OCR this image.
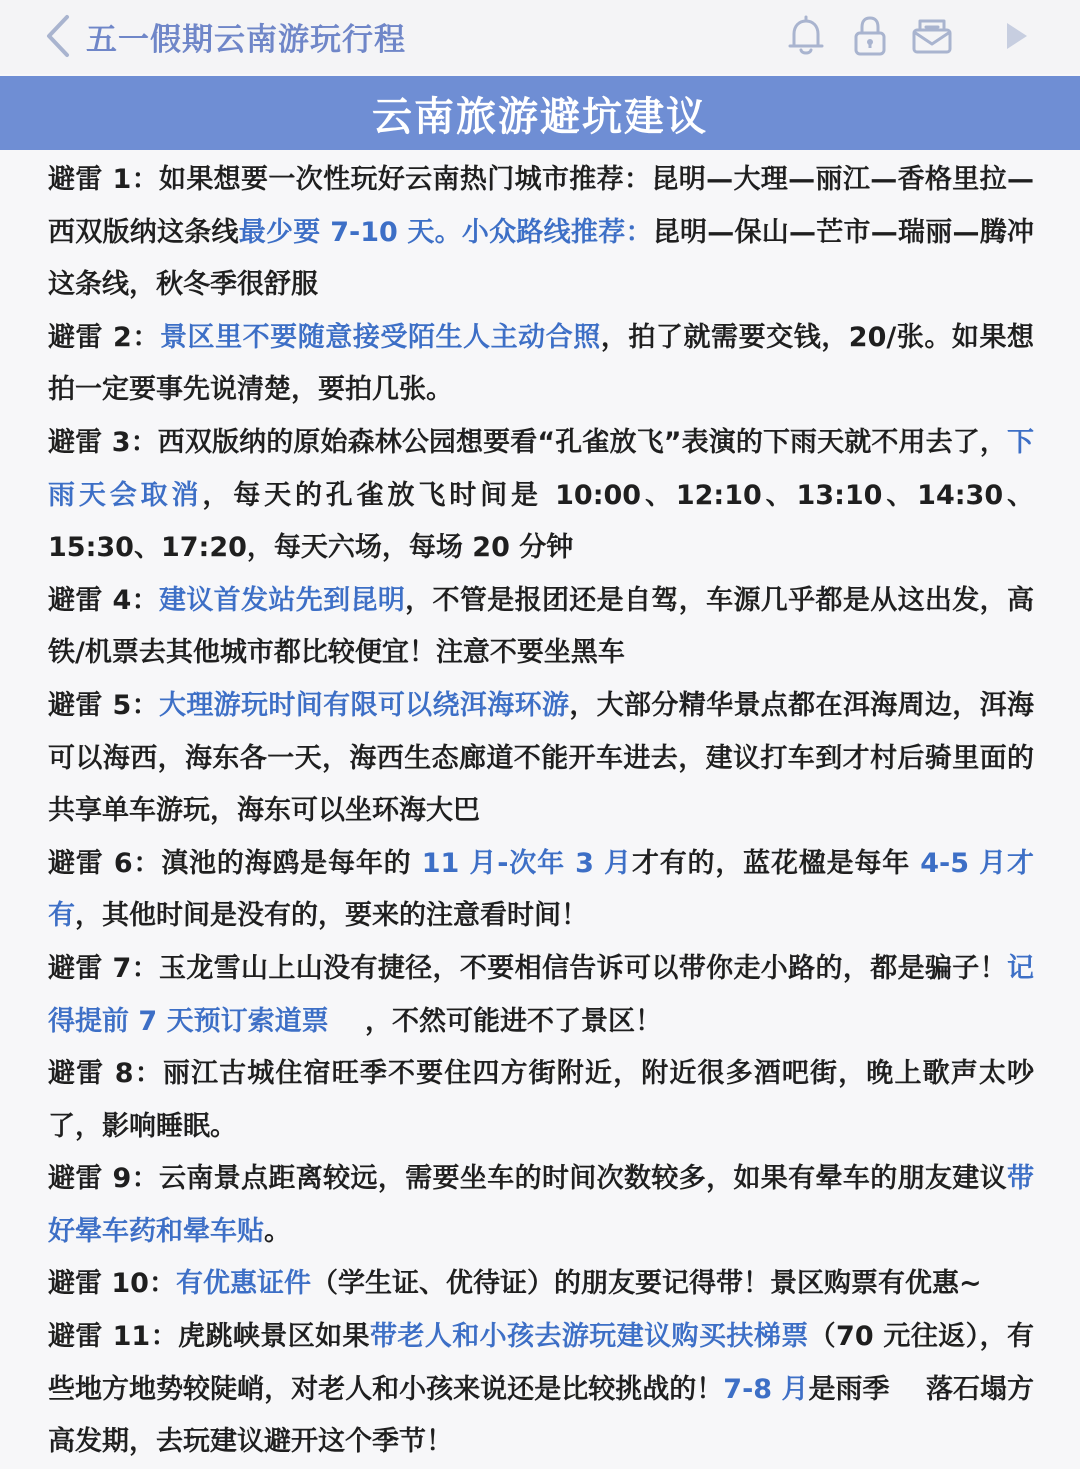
五一假期云南游玩行程
云南旅游避坑建议

避雷 1：如果想要一次性玩好云南热门城市推荐：昆明—大理—丽江—香格里拉—西双版纳这条线最少要 7-10 天。小众路线推荐：昆明—保山—芒市—瑞丽—腾冲这条线，秋冬季很舒服

避雷 2：景区里不要随意接受陌生人主动合照，拍了就需要交钱，20/张。如果想拍一定要事先说清楚，要拍几张。

避雷 3：西双版纳的原始森林公园想要看“孔雀放飞”表演的下雨天就不用去了，下雨天会取消，每天的孔雀放飞时间是 10:00、12:10、13:10、14:30、15:30、17:20，每天六场，每场 20 分钟

避雷 4：建议首发站先到昆明，不管是报团还是自驾，车源几乎都是从这出发，高铁/机票去其他城市都比较便宜！注意不要坐黑车

避雷 5：大理游玩时间有限可以绕洱海环游，大部分精华景点都在洱海周边，洱海可以海西，海东各一天，海西生态廊道不能开车进去，建议打车到才村后骑里面的共享单车游玩，海东可以坐环海大巴

避雷 6：滇池的海鸥是每年的 11 月-次年 3 月才有的，蓝花楹是每年 4-5 月才有，其他时间是没有的，要来的注意看时间！

避雷 7：玉龙雪山上山没有捷径，不要相信告诉可以带你走小路的，都是骗子！记得提前 7 天预订索道票　 ，不然可能进不了景区！

避雷 8：丽江古城住宿旺季不要住四方街附近，附近很多酒吧街，晚上歌声太吵了，影响睡眠。

避雷 9：云南景点距离较远，需要坐车的时间次数较多，如果有晕车的朋友建议带好晕车药和晕车贴。

避雷 10：有优惠证件（学生证、优待证）的朋友要记得带！景区购票有优惠~

避雷 11：虎跳峡景区如果带老人和小孩去游玩建议购买扶梯票（70 元往返），有些地方地势较陡峭，对老人和小孩来说还是比较挑战的！7-8 月是雨季　 落石塌方高发期，去玩建议避开这个季节！
